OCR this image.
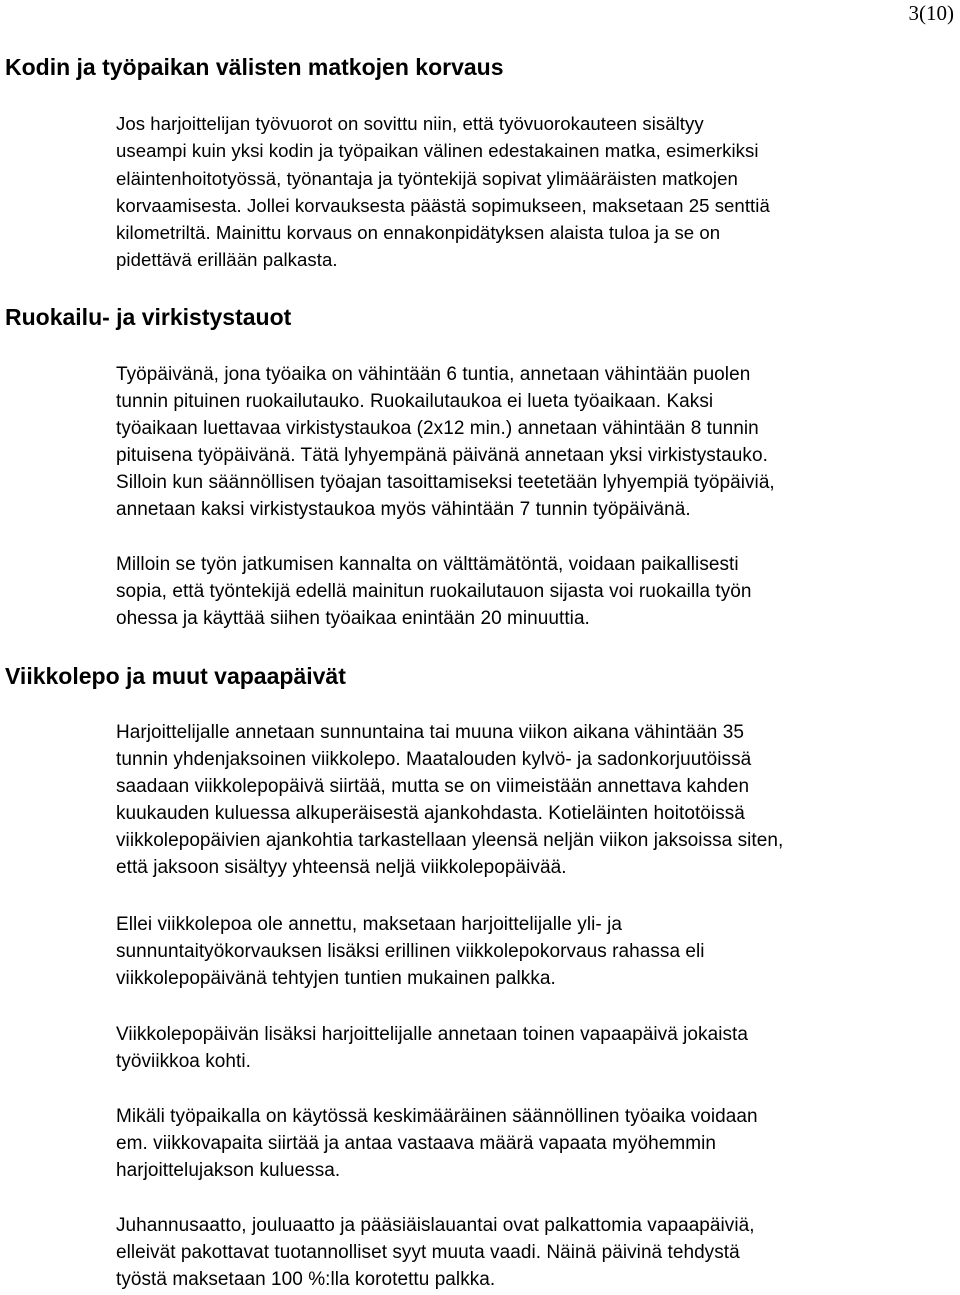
3(10)
Kodin ja työpaikan välisten matkojen korvaus

Jos harjoittelijan työvuorot on sovittu niin, että työvuorokauteen sisältyy
useampi kuin yksi kodin ja työpaikan välinen edestakainen matka, esimerkiksi
eläintenhoitotyössä, työnantaja ja työntekijä sopivat ylimääräisten matkojen
korvaamisesta. Jollei korvauksesta päästä sopimukseen, maksetaan 25 senttiä
kilometriltä. Mainittu korvaus on ennakonpidätyksen alaista tuloa ja se on
pidettävä erillään palkasta.

Ruokailu- ja virkistystauot

Työpäivänä, jona työaika on vähintään 6 tuntia, annetaan vähintään puolen
tunnin pituinen ruokailutauko. Ruokailutaukoa ei lueta työaikaan. Kaksi
työaikaan luettavaa virkistystaukoa (2x12 min.) annetaan vähintään 8 tunnin
pituisena työpäivänä. Tätä lyhyempänä päivänä annetaan yksi virkistystauko.
Silloin kun säännöllisen työajan tasoittamiseksi teetetään lyhyempiä työpäiviä,
annetaan kaksi virkistystaukoa myös vähintään 7 tunnin työpäivänä.

Milloin se työn jatkumisen kannalta on välttämätöntä, voidaan paikallisesti
sopia, että työntekijä edellä mainitun ruokailutauon sijasta voi ruokailla työn
ohessa ja käyttää siihen työaikaa enintään 20 minuuttia.

Viikkolepo ja muut vapaapäivät

Harjoittelijalle annetaan sunnuntaina tai muuna viikon aikana vähintään 35
tunnin yhdenjaksoinen viikkolepo. Maatalouden kylvö- ja sadonkorjuutöissä
saadaan viikkolepopäivä siirtää, mutta se on viimeistään annettava kahden
kuukauden kuluessa alkuperäisestä ajankohdasta. Kotieläinten hoitotöissä
viikkolepopäivien ajankohtia tarkastellaan yleensä neljän viikon jaksoissa siten,
että jaksoon sisältyy yhteensä neljä viikkolepopäivää.

Ellei viikkolepoa ole annettu, maksetaan harjoittelijalle yli- ja
sunnuntaityökorvauksen lisäksi erillinen viikkolepokorvaus rahassa eli
viikkolepopäivänä tehtyjen tuntien mukainen palkka.

Viikkolepopäivän lisäksi harjoittelijalle annetaan toinen vapaapäivä jokaista
työviikkoa kohti.

Mikäli työpaikalla on käytössä keskimääräinen säännöllinen työaika voidaan
em. viikkovapaita siirtää ja antaa vastaava määrä vapaata myöhemmin
harjoittelujakson kuluessa.

Juhannusaatto, jouluaatto ja pääsiäislauantai ovat palkattomia vapaapäiviä,
elleivät pakottavat tuotannolliset syyt muuta vaadi. Näinä päivinä tehdystä
työstä maksetaan 100 %:lla korotettu palkka.
